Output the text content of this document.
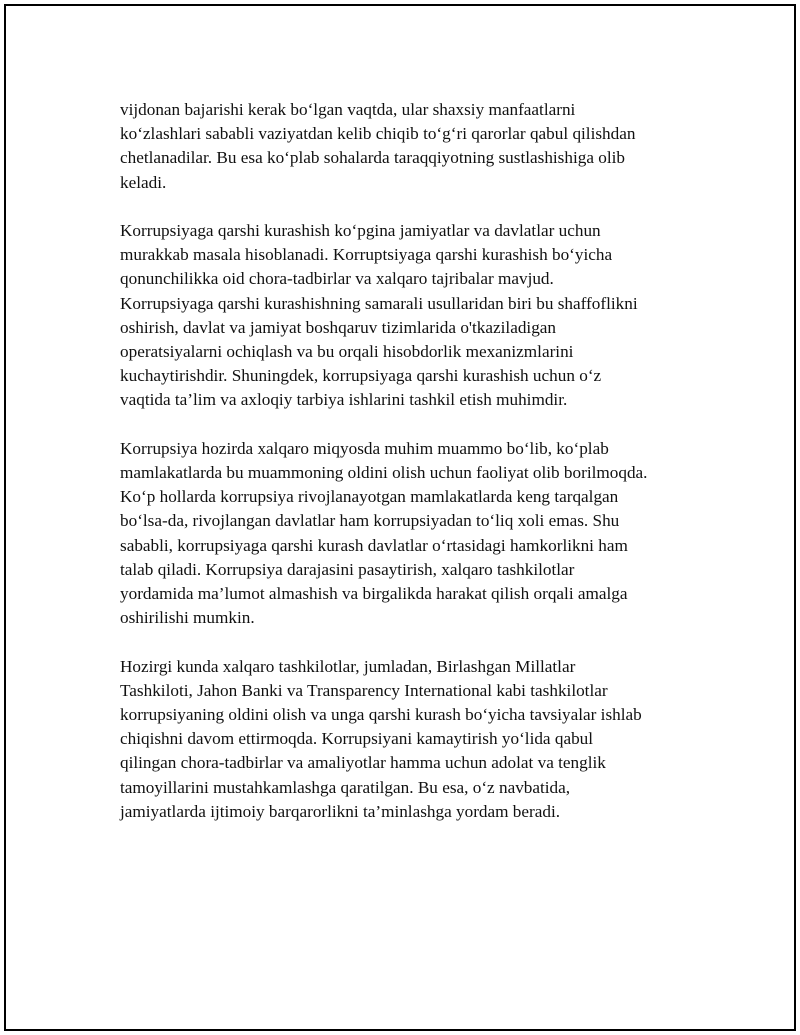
vijdonan bajarishi kerak bo‘lgan vaqtda, ular shaxsiy manfaatlarni
ko‘zlashlari sababli vaziyatdan kelib chiqib to‘g‘ri qarorlar qabul qilishdan
chetlanadilar. Bu esa ko‘plab sohalarda taraqqiyotning sustlashishiga olib
keladi.

Korrupsiyaga qarshi kurashish ko‘pgina jamiyatlar va davlatlar uchun
murakkab masala hisoblanadi. Korruptsiyaga qarshi kurashish bo‘yicha
qonunchilikka oid chora-tadbirlar va xalqaro tajribalar mavjud.
Korrupsiyaga qarshi kurashishning samarali usullaridan biri bu shaffoflikni
oshirish, davlat va jamiyat boshqaruv tizimlarida o'tkaziladigan
operatsiyalarni ochiqlash va bu orqali hisobdorlik mexanizmlarini
kuchaytirishdir. Shuningdek, korrupsiyaga qarshi kurashish uchun o‘z
vaqtida ta’lim va axloqiy tarbiya ishlarini tashkil etish muhimdir.

Korrupsiya hozirda xalqaro miqyosda muhim muammo bo‘lib, ko‘plab
mamlakatlarda bu muammoning oldini olish uchun faoliyat olib borilmoqda.
Ko‘p hollarda korrupsiya rivojlanayotgan mamlakatlarda keng tarqalgan
bo‘lsa-da, rivojlangan davlatlar ham korrupsiyadan to‘liq xoli emas. Shu
sababli, korrupsiyaga qarshi kurash davlatlar o‘rtasidagi hamkorlikni ham
talab qiladi. Korrupsiya darajasini pasaytirish, xalqaro tashkilotlar
yordamida ma’lumot almashish va birgalikda harakat qilish orqali amalga
oshirilishi mumkin.

Hozirgi kunda xalqaro tashkilotlar, jumladan, Birlashgan Millatlar
Tashkiloti, Jahon Banki va Transparency International kabi tashkilotlar
korrupsiyaning oldini olish va unga qarshi kurash bo‘yicha tavsiyalar ishlab
chiqishni davom ettirmoqda. Korrupsiyani kamaytirish yo‘lida qabul
qilingan chora-tadbirlar va amaliyotlar hamma uchun adolat va tenglik
tamoyillarini mustahkamlashga qaratilgan. Bu esa, o‘z navbatida,
jamiyatlarda ijtimoiy barqarorlikni ta’minlashga yordam beradi.
